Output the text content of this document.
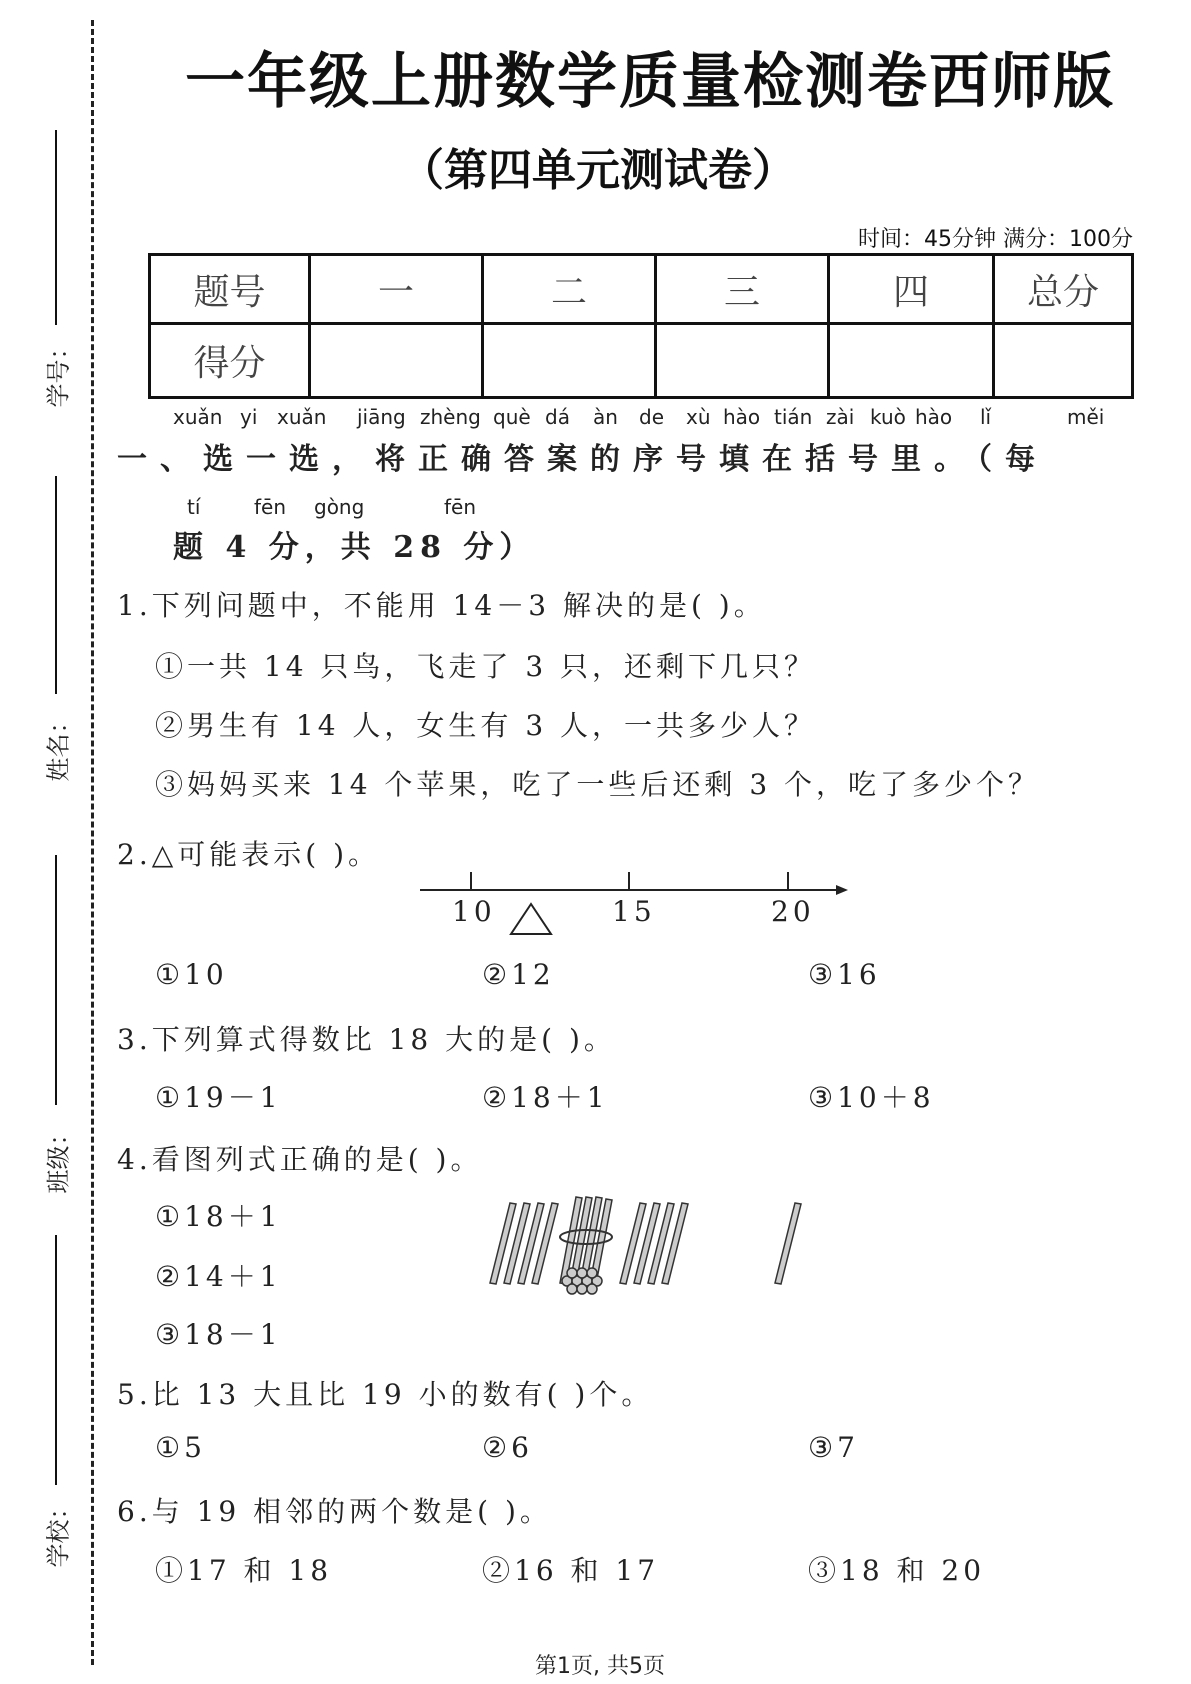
学号：
姓名：
班级：
学校：
一年级上册数学质量检测卷西师版
（第四单元测试卷）
时间：45分钟 满分：100分
题号	一	二	三	四	总分
得分					
xuǎn yi xuǎn jiāng zhèng què dá àn de xù hào tián zài kuò hào lǐ	měi
一、选一选，将正确答案的序号填在括号里。（每
tí	fēn gòng	fēn
题 4 分，共 28 分）
1.下列问题中，不能用 14－3 解决的是( )。
①一共 14 只鸟，飞走了 3 只，还剩下几只？
②男生有 14 人，女生有 3 人，一共多少人？
③妈妈买来 14 个苹果，吃了一些后还剩 3 个，吃了多少个？
2.△可能表示( )。
10	15	20
①10	②12	③16
3.下列算式得数比 18 大的是( )。
①19－1	②18＋1	③10＋8
4.看图列式正确的是( )。
①18＋1
②14＋1
③18－1
5.比 13 大且比 19 小的数有( )个。
①5	②6	③7
6.与 19 相邻的两个数是( )。
①17 和 18	②16 和 17	③18 和 20
第1页, 共5页
